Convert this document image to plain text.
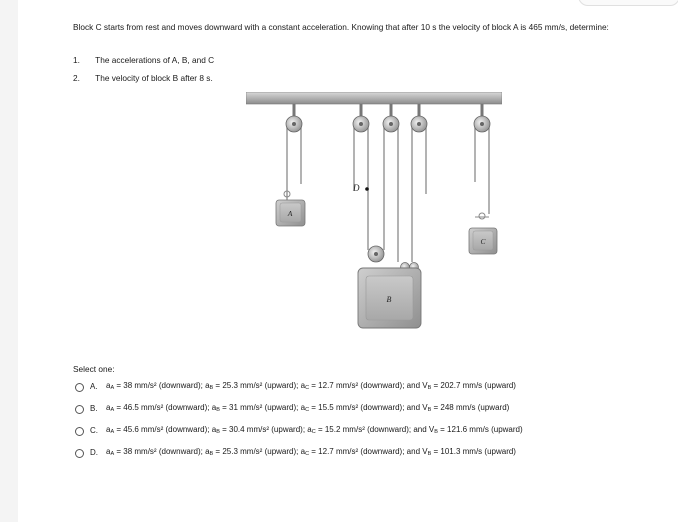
Block C starts from rest and moves downward with a constant acceleration. Knowing that after 10 s the velocity of block A is 465 mm/s, determine:
1. The accelerations of A, B, and C
2. The velocity of block B after 8 s.
D
A
C
B
Select one:
A.	$a_A = 38$ mm/s² (downward); $a_B = 25.3$ mm/s² (upward); $a_C = 12.7$ mm/s² (downward); and $V_B = 202.7$ mm/s (upward)
B.	$a_A = 46.5$ mm/s² (downward); $a_B = 31$ mm/s² (upward); $a_C = 15.5$ mm/s² (downward); and $V_B = 248$ mm/s (upward)
C.	$a_A = 45.6$ mm/s² (downward); $a_B = 30.4$ mm/s² (upward); $a_C = 15.2$ mm/s² (downward); and $V_B = 121.6$ mm/s (upward)
D.	$a_A = 38$ mm/s² (downward); $a_B = 25.3$ mm/s² (upward); $a_C = 12.7$ mm/s² (downward); and $V_B = 101.3$ mm/s (upward)
